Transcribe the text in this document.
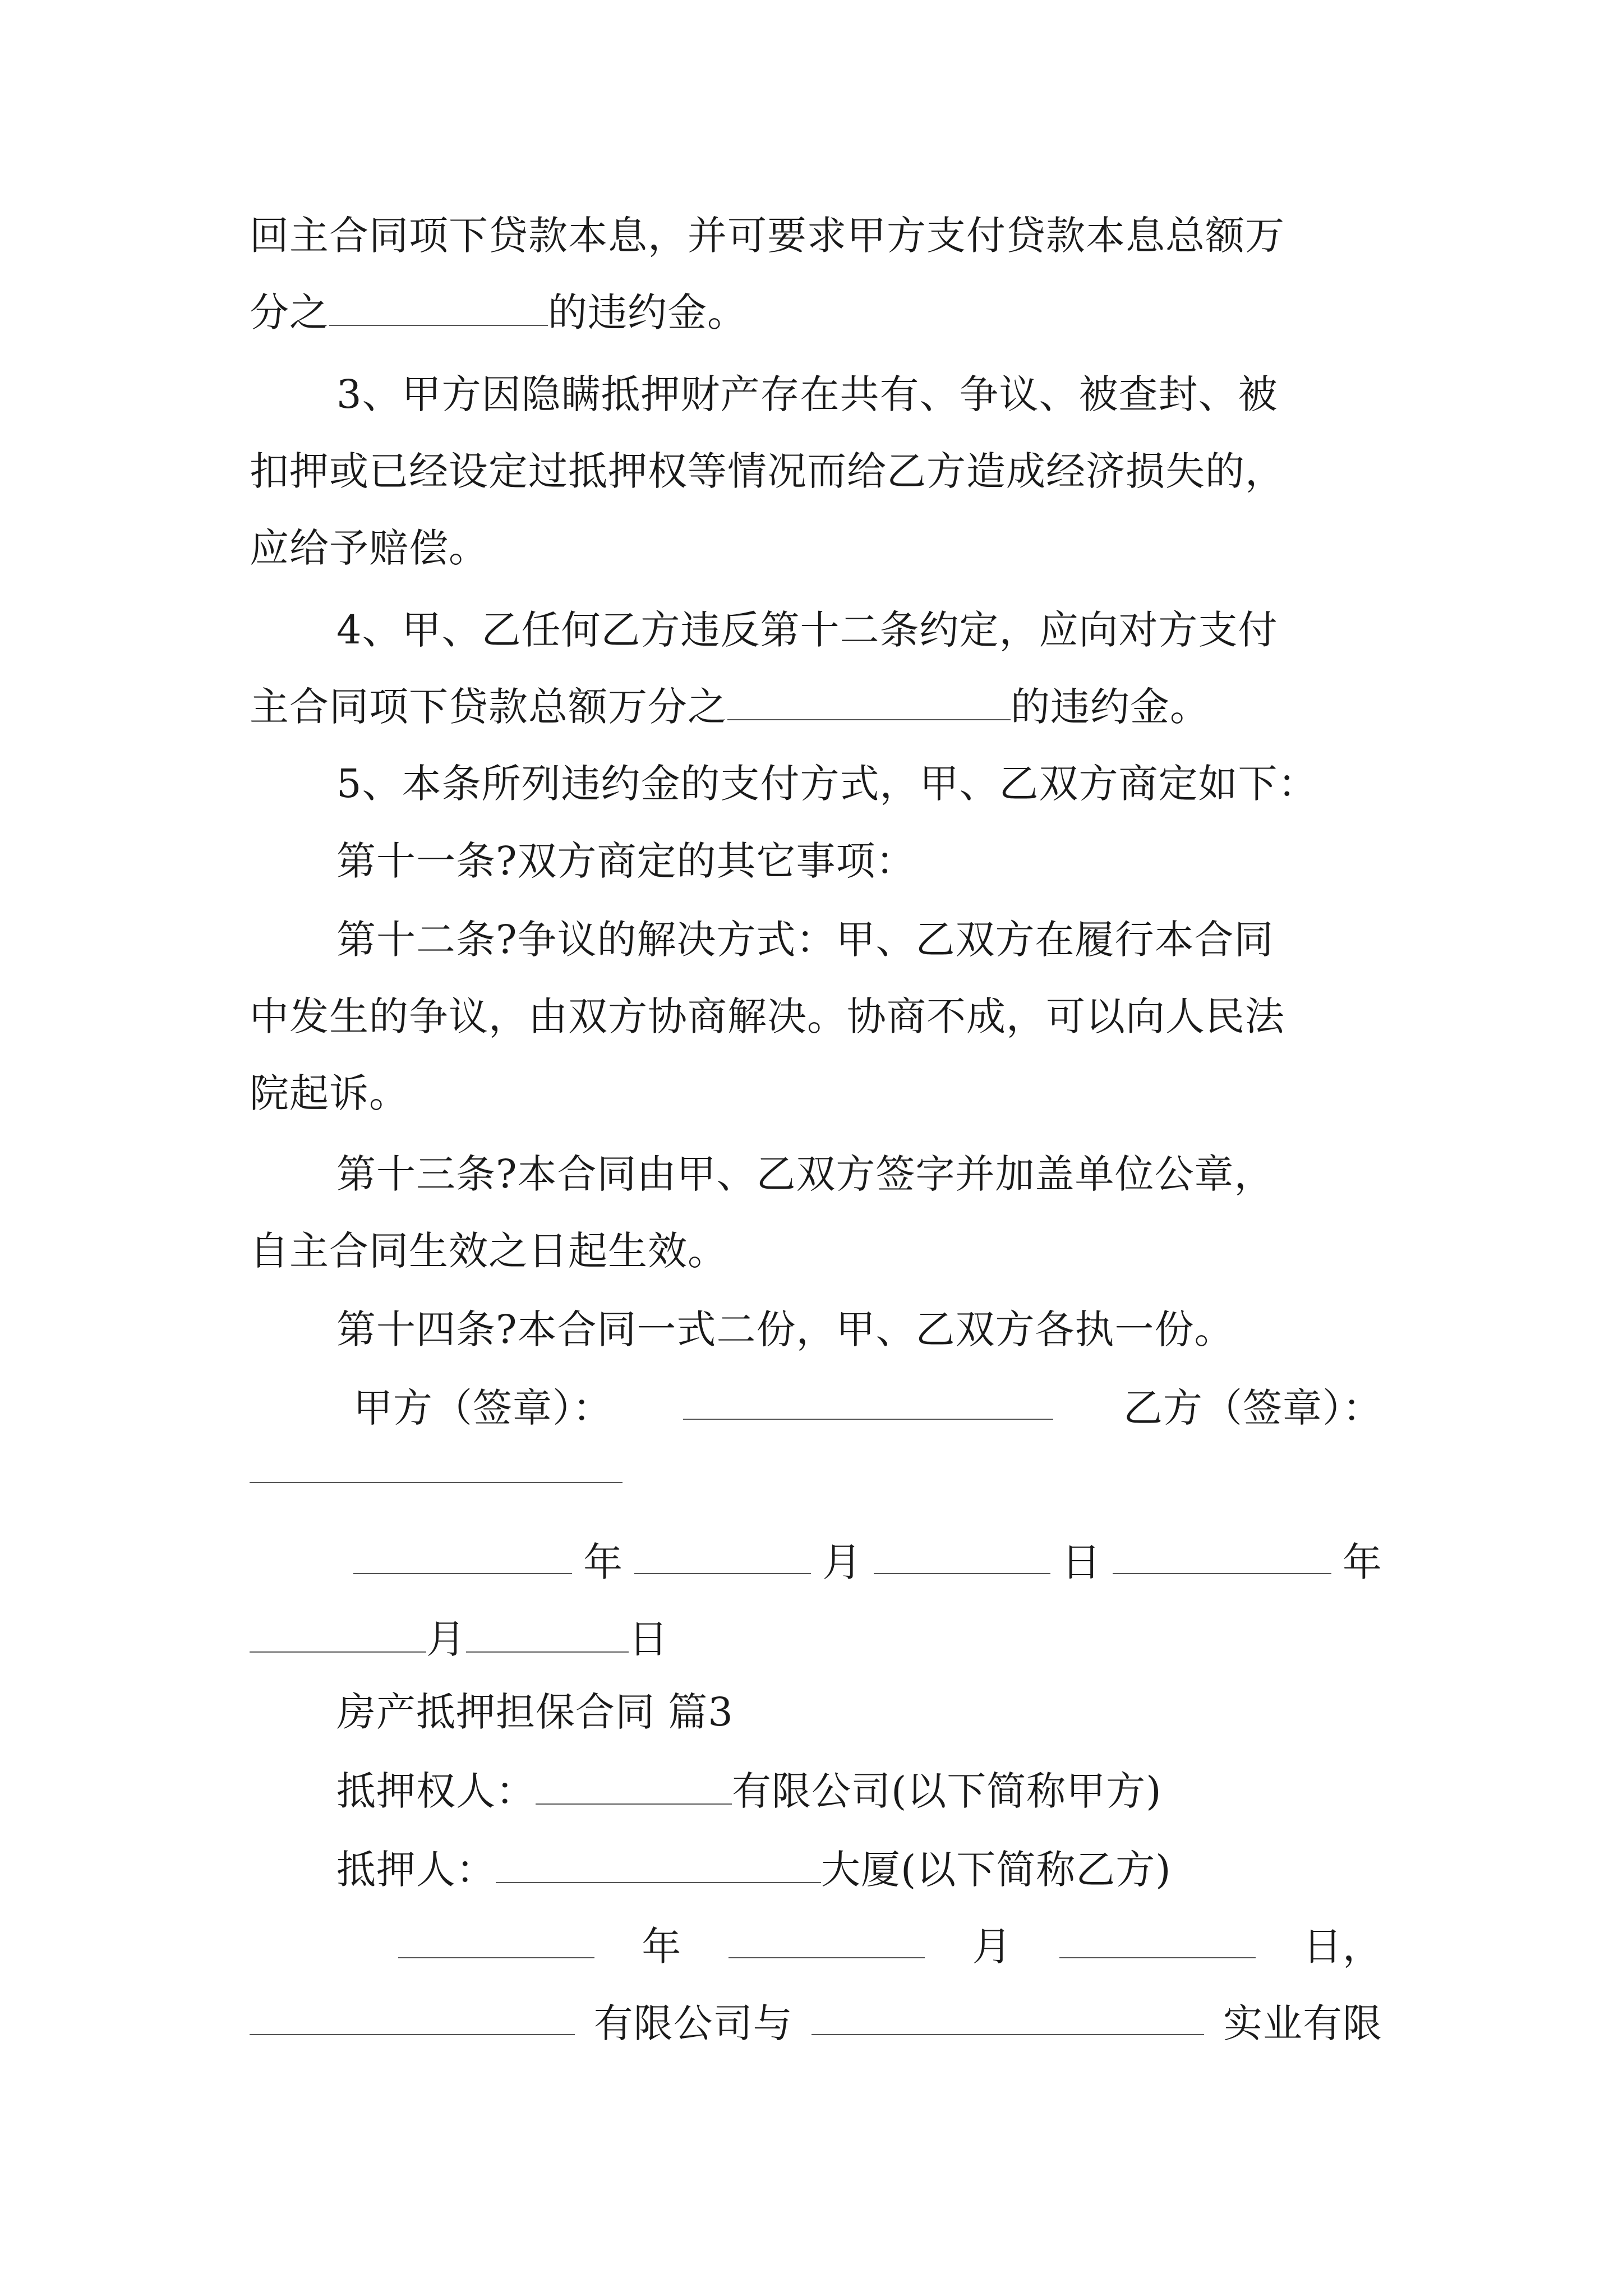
回主合同项下贷款本息，并可要求甲方支付贷款本息总额万
分之	的违约金。
3、甲方因隐瞒抵押财产存在共有、争议、被查封、被
扣押或已经设定过抵押权等情况而给乙方造成经济损失的，
应给予赔偿。
4、甲、乙任何乙方违反第十二条约定，应向对方支付
主合同项下贷款总额万分之	的违约金。
5、本条所列违约金的支付方式，甲、乙双方商定如下：
第十一条?双方商定的其它事项：
第十二条?争议的解决方式：甲、乙双方在履行本合同
中发生的争议，由双方协商解决。协商不成，可以向人民法
院起诉。
第十三条?本合同由甲、乙双方签字并加盖单位公章，
自主合同生效之日起生效。
第十四条?本合同一式二份，甲、乙双方各执一份。
甲方（签章）：	乙方（签章）：
年	月	日	年
月	日
房产抵押担保合同 篇3
抵押权人：	有限公司(以下简称甲方)
抵押人：	大厦(以下简称乙方)
年	月	日，
有限公司与	实业有限
